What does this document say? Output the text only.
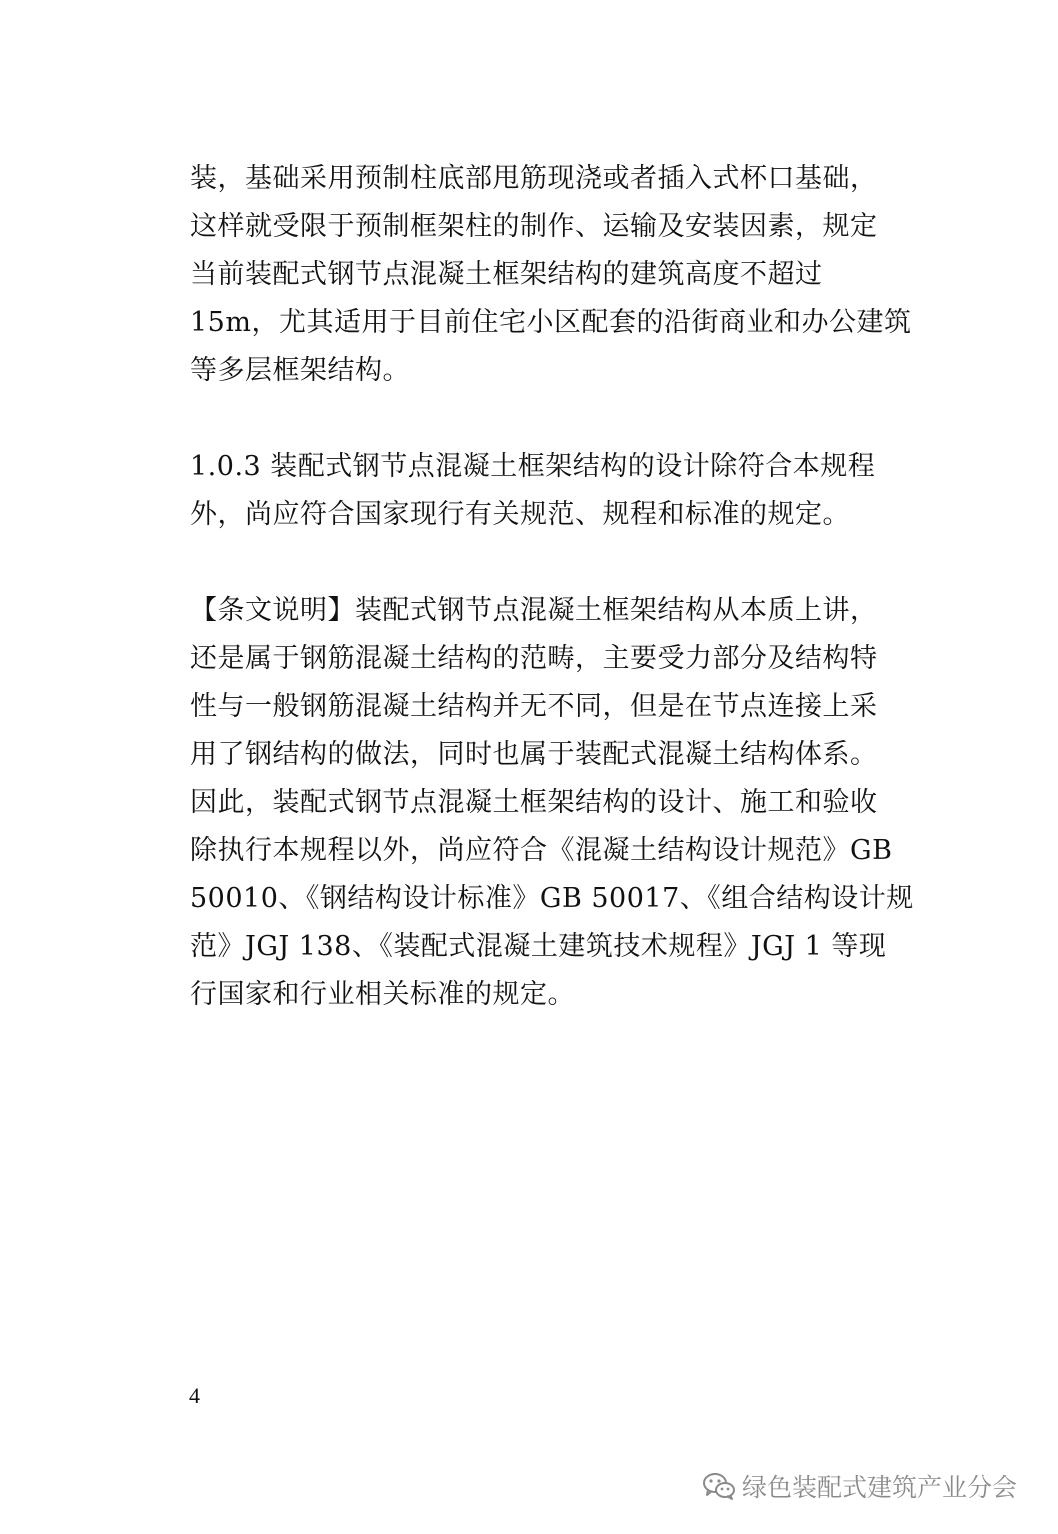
装，基础采用预制柱底部甩筋现浇或者插入式杯口基础，
这样就受限于预制框架柱的制作、运输及安装因素，规定
当前装配式钢节点混凝土框架结构的建筑高度不超过
15m，尤其适用于目前住宅小区配套的沿街商业和办公建筑
等多层框架结构。
1.0.3 装配式钢节点混凝土框架结构的设计除符合本规程
外，尚应符合国家现行有关规范、规程和标准的规定。
【条文说明】装配式钢节点混凝土框架结构从本质上讲，
还是属于钢筋混凝土结构的范畴，主要受力部分及结构特
性与一般钢筋混凝土结构并无不同，但是在节点连接上采
用了钢结构的做法，同时也属于装配式混凝土结构体系。
因此，装配式钢节点混凝土框架结构的设计、施工和验收
除执行本规程以外，尚应符合《混凝土结构设计规范》GB
50010、《钢结构设计标准》GB 50017、《组合结构设计规
范》JGJ 138、《装配式混凝土建筑技术规程》JGJ 1 等现
行国家和行业相关标准的规定。
4
绿色装配式建筑产业分会
